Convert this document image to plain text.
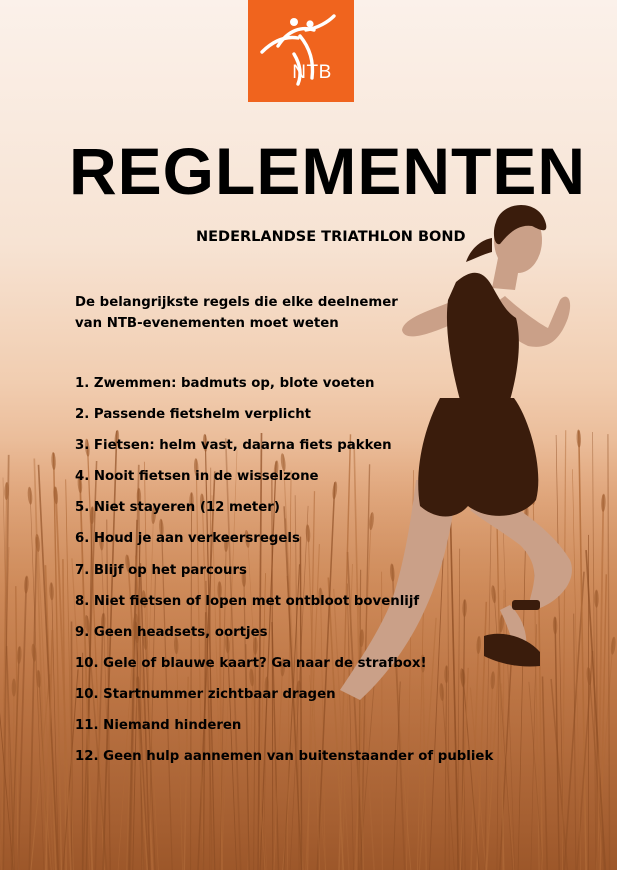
NTB
REGLEMENTEN
NEDERLANDSE TRIATHLON BOND
De belangrijkste regels die elke deelnemer
van NTB-evenementen moet weten
1. Zwemmen: badmuts op, blote voeten
2. Passende fietshelm verplicht
3. Fietsen: helm vast, daarna fiets pakken
4. Nooit fietsen in de wisselzone
5. Niet stayeren (12 meter)
6. Houd je aan verkeersregels
7. Blijf op het parcours
8. Niet fietsen of lopen met ontbloot bovenlijf
9. Geen headsets, oortjes
10. Gele of blauwe kaart? Ga naar de strafbox!
10. Startnummer zichtbaar dragen
11. Niemand hinderen
12. Geen hulp aannemen van buitenstaander of publiek
